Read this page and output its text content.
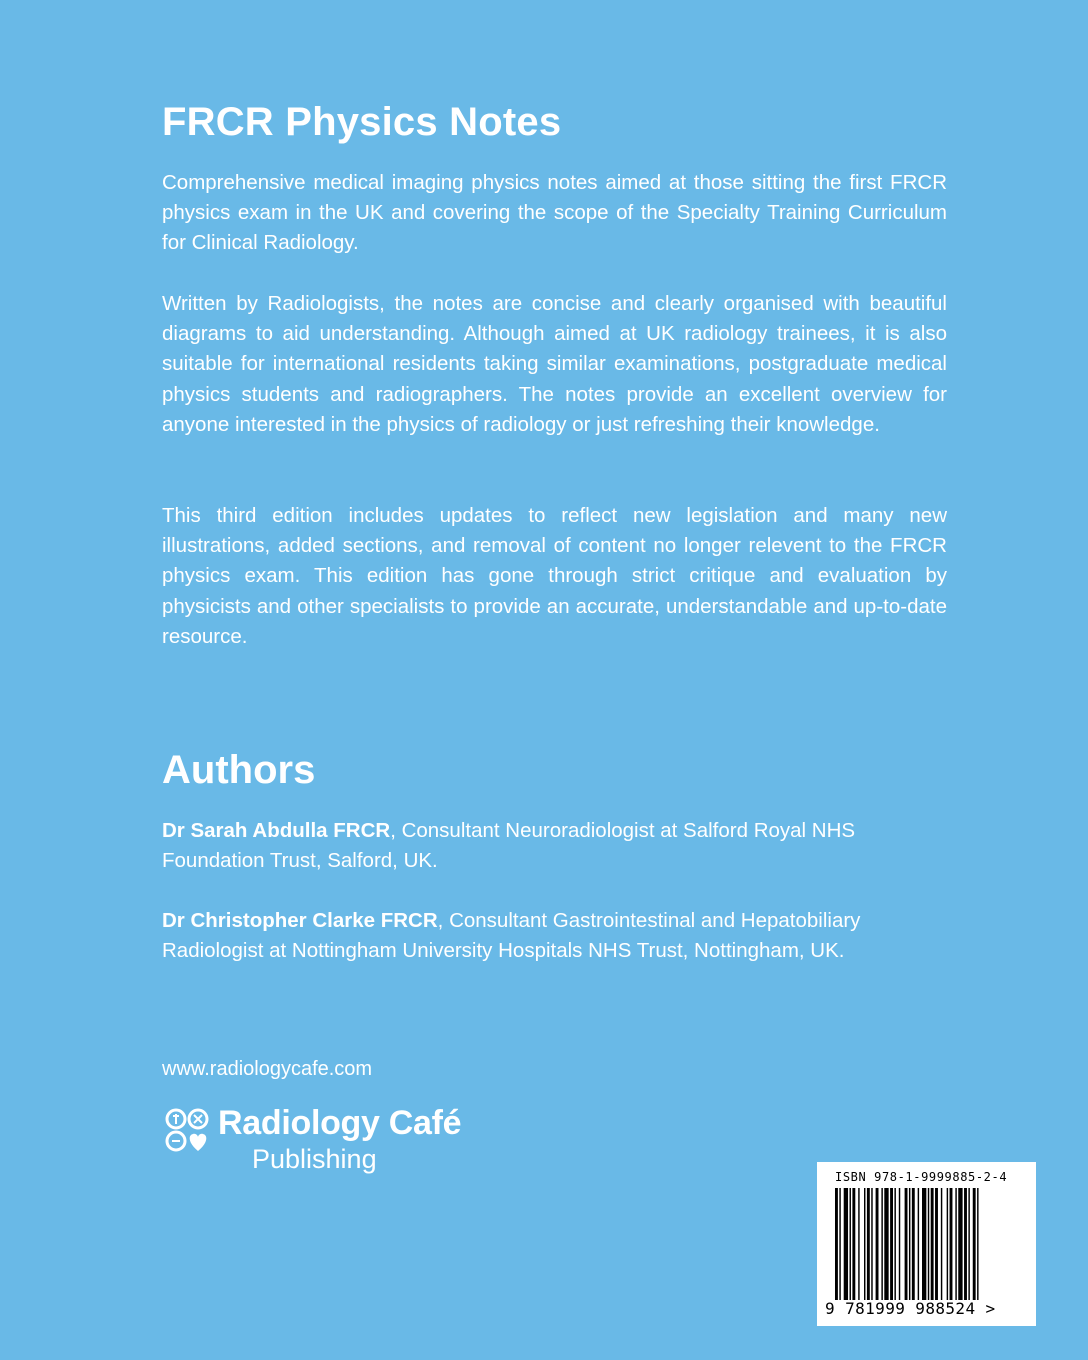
FRCR Physics Notes

Comprehensive medical imaging physics notes aimed at those sitting the first FRCR physics exam in the UK and covering the scope of the Specialty Training Curriculum for Clinical Radiology.

Written by Radiologists, the notes are concise and clearly organised with beautiful diagrams to aid understanding. Although aimed at UK radiology trainees, it is also suitable for international residents taking similar examinations, postgraduate medical physics students and radiographers. The notes provide an excellent overview for anyone interested in the physics of radiology or just refreshing their knowledge.

This third edition includes updates to reflect new legislation and many new illustrations, added sections, and removal of content no longer relevent to the FRCR physics exam. This edition has gone through strict critique and evaluation by physicists and other specialists to provide an accurate, understandable and up-to-date resource.

Authors

Dr Sarah Abdulla FRCR, Consultant Neuroradiologist at Salford Royal NHS Foundation Trust, Salford, UK.

Dr Christopher Clarke FRCR, Consultant Gastrointestinal and Hepatobiliary Radiologist at Nottingham University Hospitals NHS Trust, Nottingham, UK.

www.radiologycafe.com
Radiology Café
Publishing
ISBN 978-1-9999885-2-4
9 781999 988524 >
